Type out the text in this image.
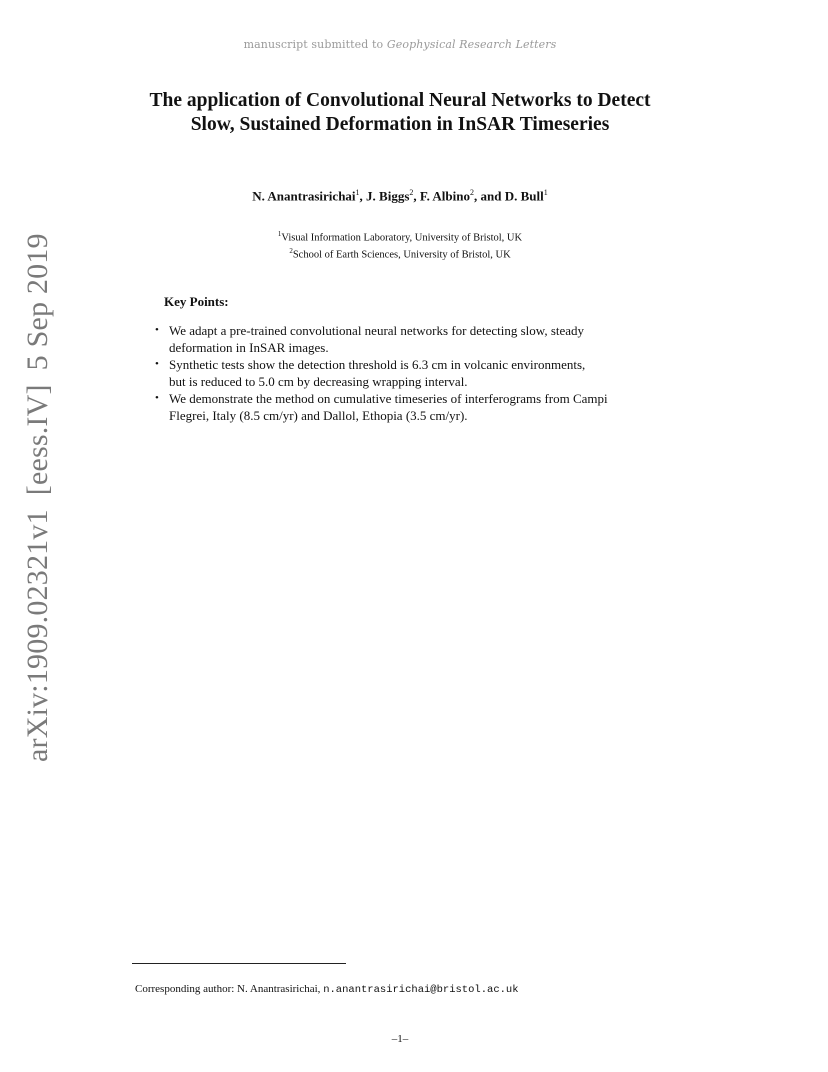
manuscript submitted to Geophysical Research Letters
arXiv:1909.02321v1[eess.IV]5 Sep 2019
The application of Convolutional Neural Networks to Detect Slow, Sustained Deformation in InSAR Timeseries
N. Anantrasirichai$^1$, J. Biggs$^2$, F. Albino$^2$, and D. Bull$^1$
$^1$Visual Information Laboratory, University of Bristol, UK
$^2$School of Earth Sciences, University of Bristol, UK
Key Points:
• We adapt a pre-trained convolutional neural networks for detecting slow, steady
deformation in InSAR images.
• Synthetic tests show the detection threshold is 6.3 cm in volcanic environments,
but is reduced to 5.0 cm by decreasing wrapping interval.
• We demonstrate the method on cumulative timeseries of interferograms from Campi
Flegrei, Italy (8.5 cm/yr) and Dallol, Ethopia (3.5 cm/yr).
Corresponding author: N. Anantrasirichai, n.anantrasirichai@bristol.ac.uk
–1–
